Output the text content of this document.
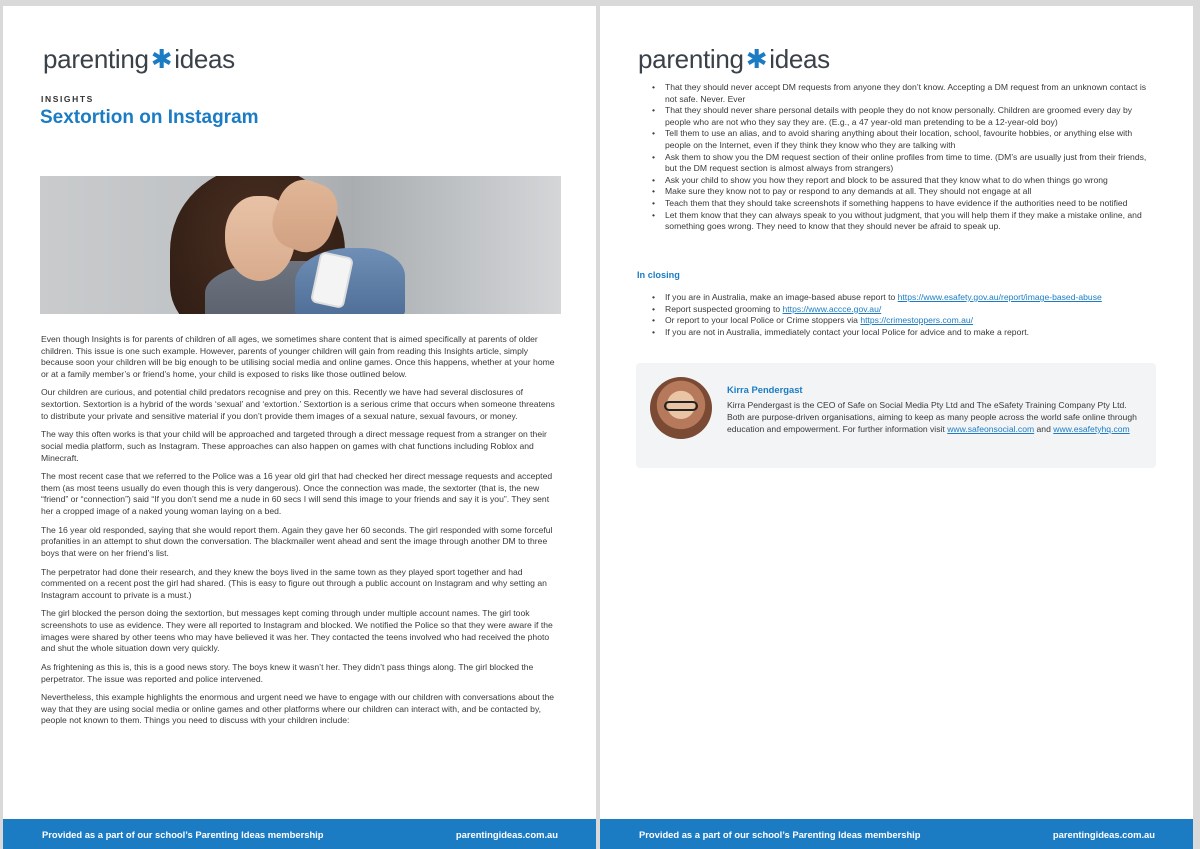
parenting ✱ ideas
INSIGHTS
Sextortion on Instagram

Even though Insights is for parents of children of all ages, we sometimes share content that is aimed specifically at parents of older children. This issue is one such example. However, parents of younger children will gain from reading this Insights article, simply because soon your children will be big enough to be utilising social media and online games. Once this happens, whether at your home or at a family member’s or friend’s home, your child is exposed to risks like those outlined below.

Our children are curious, and potential child predators recognise and prey on this. Recently we have had several disclosures of sextortion. Sextortion is a hybrid of the words ‘sexual’ and ‘extortion.’ Sextortion is a serious crime that occurs when someone threatens to distribute your private and sensitive material if you don’t provide them images of a sexual nature, sexual favours, or money.

The way this often works is that your child will be approached and targeted through a direct message request from a stranger on their social media platform, such as Instagram. These approaches can also happen on games with chat functions including Roblox and Minecraft.

The most recent case that we referred to the Police was a 16 year old girl that had checked her direct message requests and accepted them (as most teens usually do even though this is very dangerous). Once the connection was made, the sextorter (that is, the new “friend” or “connection”) said “If you don’t send me a nude in 60 secs I will send this image to your friends and say it is you”. They sent her a cropped image of a naked young woman laying on a bed.

The 16 year old responded, saying that she would report them. Again they gave her 60 seconds. The girl responded with some forceful profanities in an attempt to shut down the conversation. The blackmailer went ahead and sent the image through another DM to three boys that were on her friend’s list.

The perpetrator had done their research, and they knew the boys lived in the same town as they played sport together and had commented on a recent post the girl had shared. (This is easy to figure out through a public account on Instagram and why setting an Instagram account to private is a must.)

The girl blocked the person doing the sextortion, but messages kept coming through under multiple account names. The girl took screenshots to use as evidence. They were all reported to Instagram and blocked. We notified the Police so that they were aware if the images were shared by other teens who may have believed it was her. They contacted the teens involved who had received the photo and shut the whole situation down very quickly.

As frightening as this is, this is a good news story. The boys knew it wasn’t her. They didn’t pass things along. The girl blocked the perpetrator. The issue was reported and police intervened.

Nevertheless, this example highlights the enormous and urgent need we have to engage with our children with conversations about the way that they are using social media or online games and other platforms where our children can interact with, and be contacted by, people not known to them. Things you need to discuss with your children include:

Provided as a part of our school’s Parenting Ideas membership	parentingideas.com.au
parenting ✱ ideas
• That they should never accept DM requests from anyone they don’t know. Accepting a DM request from an unknown contact is not safe. Never. Ever
• That they should never share personal details with people they do not know personally. Children are groomed every day by people who are not who they say they are. (E.g., a 47 year-old man pretending to be a 12-year-old boy)
• Tell them to use an alias, and to avoid sharing anything about their location, school, favourite hobbies, or anything else with people on the Internet, even if they think they know who they are talking with
• Ask them to show you the DM request section of their online profiles from time to time. (DM’s are usually just from their friends, but the DM request section is almost always from strangers)
• Ask your child to show you how they report and block to be assured that they know what to do when things go wrong
• Make sure they know not to pay or respond to any demands at all. They should not engage at all
• Teach them that they should take screenshots if something happens to have evidence if the authorities need to be notified
• Let them know that they can always speak to you without judgment, that you will help them if they make a mistake online, and something goes wrong. They need to know that they should never be afraid to speak up.
In closing
• If you are in Australia, make an image-based abuse report to https://www.esafety.gov.au/report/image-based-abuse
• Report suspected grooming to https://www.accce.gov.au/
• Or report to your local Police or Crime stoppers via https://crimestoppers.com.au/
• If you are not in Australia, immediately contact your local Police for advice and to make a report.
Kirra Pendergast
Kirra Pendergast is the CEO of Safe on Social Media Pty Ltd and The eSafety Training Company Pty Ltd. Both are purpose-driven organisations, aiming to keep as many people across the world safe online through education and empowerment. For further information visit www.safeonsocial.com and www.esafetyhq.com
Provided as a part of our school’s Parenting Ideas membership	parentingideas.com.au
